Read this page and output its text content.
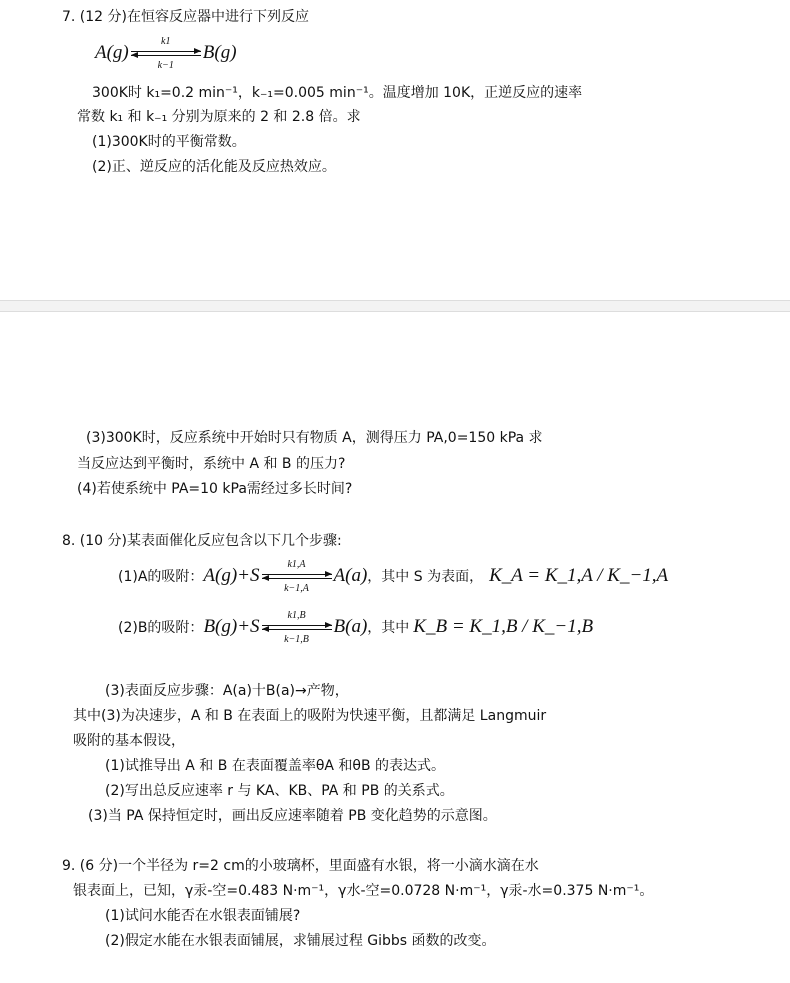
7. (12 分)在恒容反应器中进行下列反应
A(g)
k1
k−1
B(g)
300K时 k₁=0.2 min⁻¹，k₋₁=0.005 min⁻¹。温度增加 10K，正逆反应的速率
常数 k₁ 和 k₋₁ 分别为原来的 2 和 2.8 倍。求
(1)300K时的平衡常数。
(2)正、逆反应的活化能及反应热效应。
(3)300K时，反应系统中开始时只有物质 A，测得压力 PA,0=150 kPa 求
当反应达到平衡时，系统中 A 和 B 的压力?
(4)若使系统中 PA=10 kPa需经过多长时间?
8. (10 分)某表面催化反应包含以下几个步骤:
(1)A的吸附： A(g)+S
k1,A
k−1,A
A(a) ，其中 S 为表面， K_A = K_1,A / K_−1,A
(2)B的吸附： B(g)+S
k1,B
k−1,B
B(a) ，其中 K_B = K_1,B / K_−1,B
(3)表面反应步骤：A(a)十B(a)→产物，
其中(3)为决速步，A 和 B 在表面上的吸附为快速平衡，且都满足 Langmuir
吸附的基本假设，
(1)试推导出 A 和 B 在表面覆盖率θA 和θB 的表达式。
(2)写出总反应速率 r 与 KA、KB、PA 和 PB 的关系式。
(3)当 PA 保持恒定时，画出反应速率随着 PB 变化趋势的示意图。
9. (6 分)一个半径为 r=2 cm的小玻璃杯，里面盛有水银，将一小滴水滴在水
银表面上，已知，γ汞-空=0.483 N·m⁻¹，γ水-空=0.0728 N·m⁻¹，γ汞-水=0.375 N·m⁻¹。
(1)试问水能否在水银表面铺展?
(2)假定水能在水银表面铺展，求铺展过程 Gibbs 函数的改变。
